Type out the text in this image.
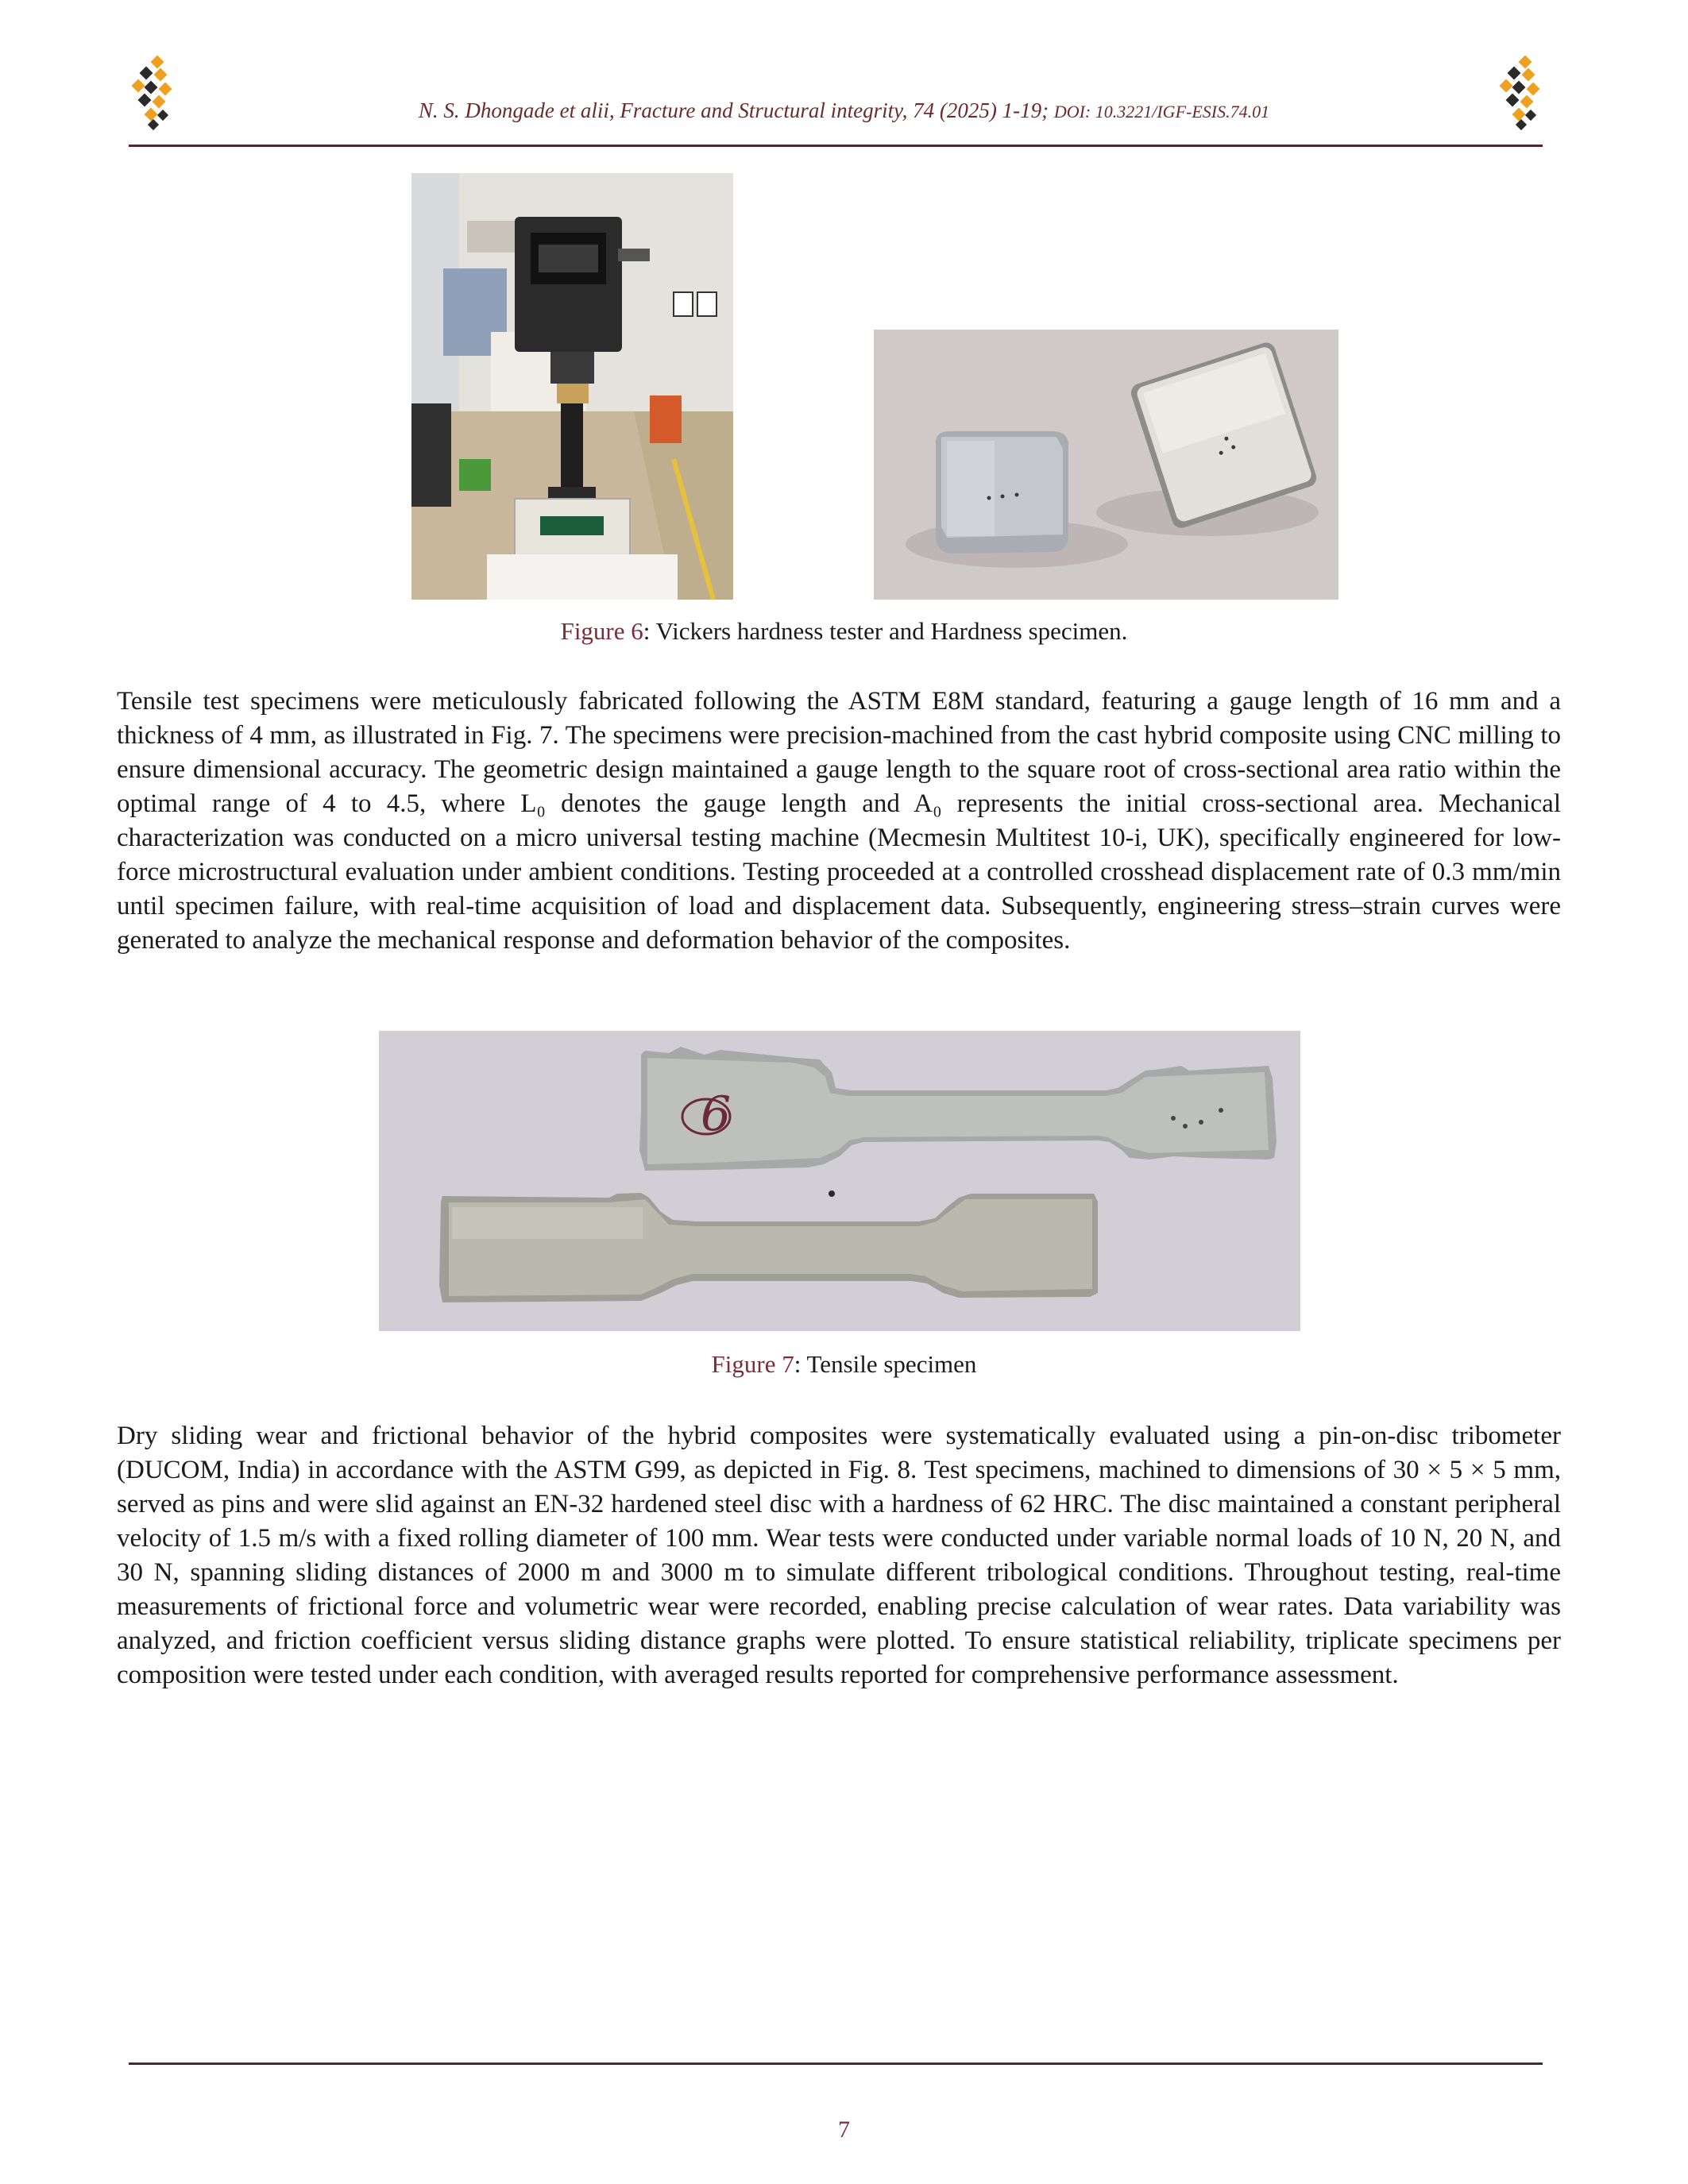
N. S. Dhongade et alii, Fracture and Structural integrity, 74 (2025) 1-19; DOI: 10.3221/IGF-ESIS.74.01
Figure 6: Vickers hardness tester and Hardness specimen.

Tensile test specimens were meticulously fabricated following the ASTM E8M standard, featuring a gauge length of 16 mm and a thickness of 4 mm, as illustrated in Fig. 7. The specimens were precision-machined from the cast hybrid composite using CNC milling to ensure dimensional accuracy. The geometric design maintained a gauge length to the square root of cross-sectional area ratio within the optimal range of 4 to 4.5, where L₀ denotes the gauge length and A₀ represents the initial cross-sectional area. Mechanical characterization was conducted on a micro universal testing machine (Mecmesin Multitest 10-i, UK), specifically engineered for low-force microstructural evaluation under ambient conditions. Testing proceeded at a controlled crosshead displacement rate of 0.3 mm/min until specimen failure, with real-time acquisition of load and displacement data. Subsequently, engineering stress–strain curves were generated to analyze the mechanical response and deformation behavior of the composites.

6
Figure 7: Tensile specimen

Dry sliding wear and frictional behavior of the hybrid composites were systematically evaluated using a pin-on-disc tribometer (DUCOM, India) in accordance with the ASTM G99, as depicted in Fig. 8. Test specimens, machined to dimensions of 30 × 5 × 5 mm, served as pins and were slid against an EN-32 hardened steel disc with a hardness of 62 HRC. The disc maintained a constant peripheral velocity of 1.5 m/s with a fixed rolling diameter of 100 mm. Wear tests were conducted under variable normal loads of 10 N, 20 N, and 30 N, spanning sliding distances of 2000 m and 3000 m to simulate different tribological conditions. Throughout testing, real-time measurements of frictional force and volumetric wear were recorded, enabling precise calculation of wear rates. Data variability was analyzed, and friction coefficient versus sliding distance graphs were plotted. To ensure statistical reliability, triplicate specimens per composition were tested under each condition, with averaged results reported for comprehensive performance assessment.

7
